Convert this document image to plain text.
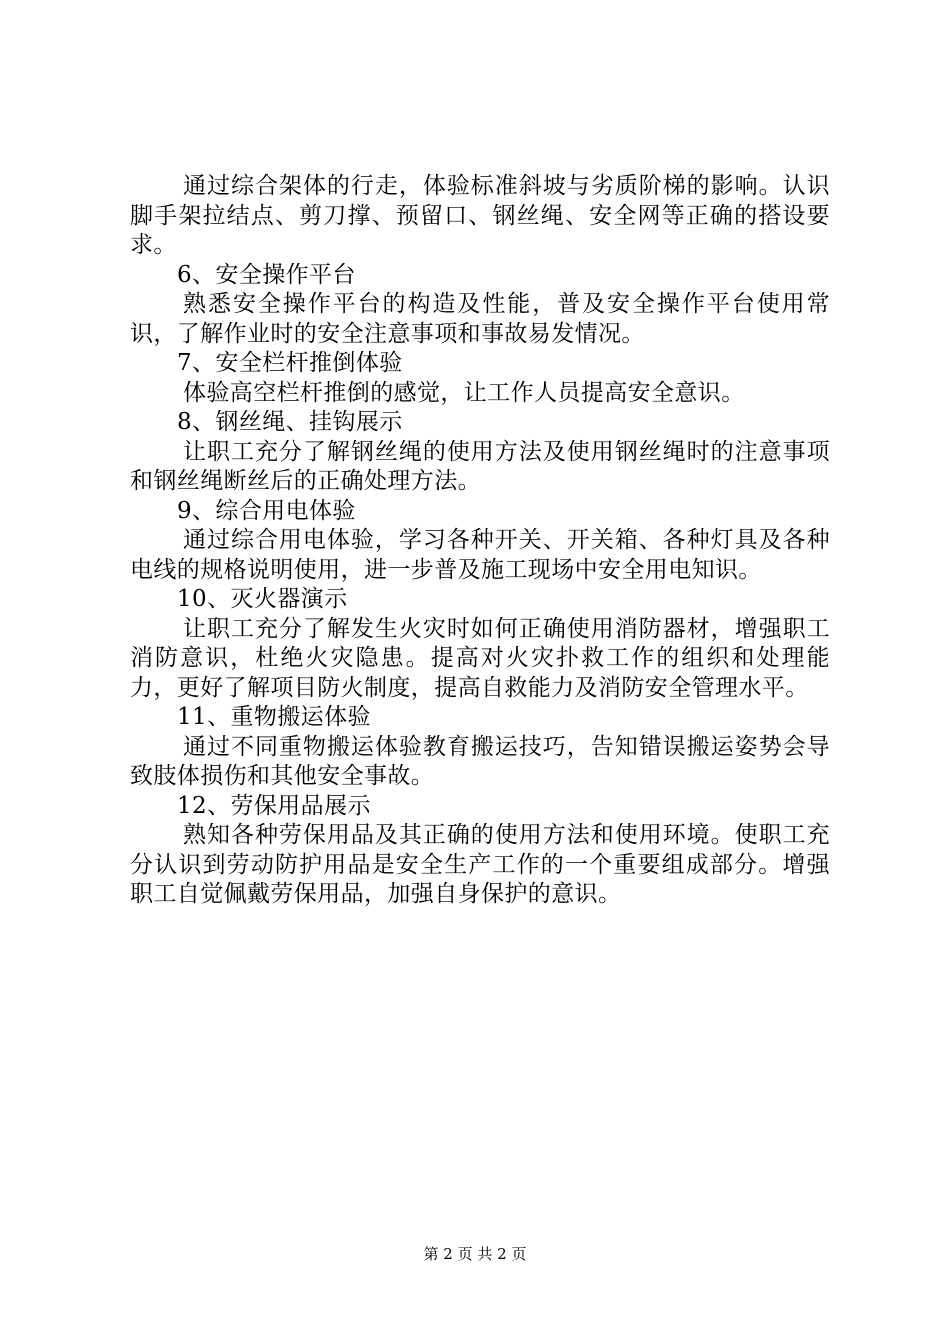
通过综合架体的行走，体验标准斜坡与劣质阶梯的影响。认识脚手架拉结点、剪刀撑、预留口、钢丝绳、安全网等正确的搭设要求。

6、安全操作平台

熟悉安全操作平台的构造及性能，普及安全操作平台使用常识，了解作业时的安全注意事项和事故易发情况。

7、安全栏杆推倒体验

体验高空栏杆推倒的感觉，让工作人员提高安全意识。

8、钢丝绳、挂钩展示

让职工充分了解钢丝绳的使用方法及使用钢丝绳时的注意事项和钢丝绳断丝后的正确处理方法。

9、综合用电体验

通过综合用电体验，学习各种开关、开关箱、各种灯具及各种电线的规格说明使用，进一步普及施工现场中安全用电知识。

10、灭火器演示

让职工充分了解发生火灾时如何正确使用消防器材，增强职工消防意识，杜绝火灾隐患。提高对火灾扑救工作的组织和处理能力，更好了解项目防火制度，提高自救能力及消防安全管理水平。

11、重物搬运体验

通过不同重物搬运体验教育搬运技巧，告知错误搬运姿势会导致肢体损伤和其他安全事故。

12、劳保用品展示

熟知各种劳保用品及其正确的使用方法和使用环境。使职工充分认识到劳动防护用品是安全生产工作的一个重要组成部分。增强职工自觉佩戴劳保用品，加强自身保护的意识。

第 2 页 共 2 页
